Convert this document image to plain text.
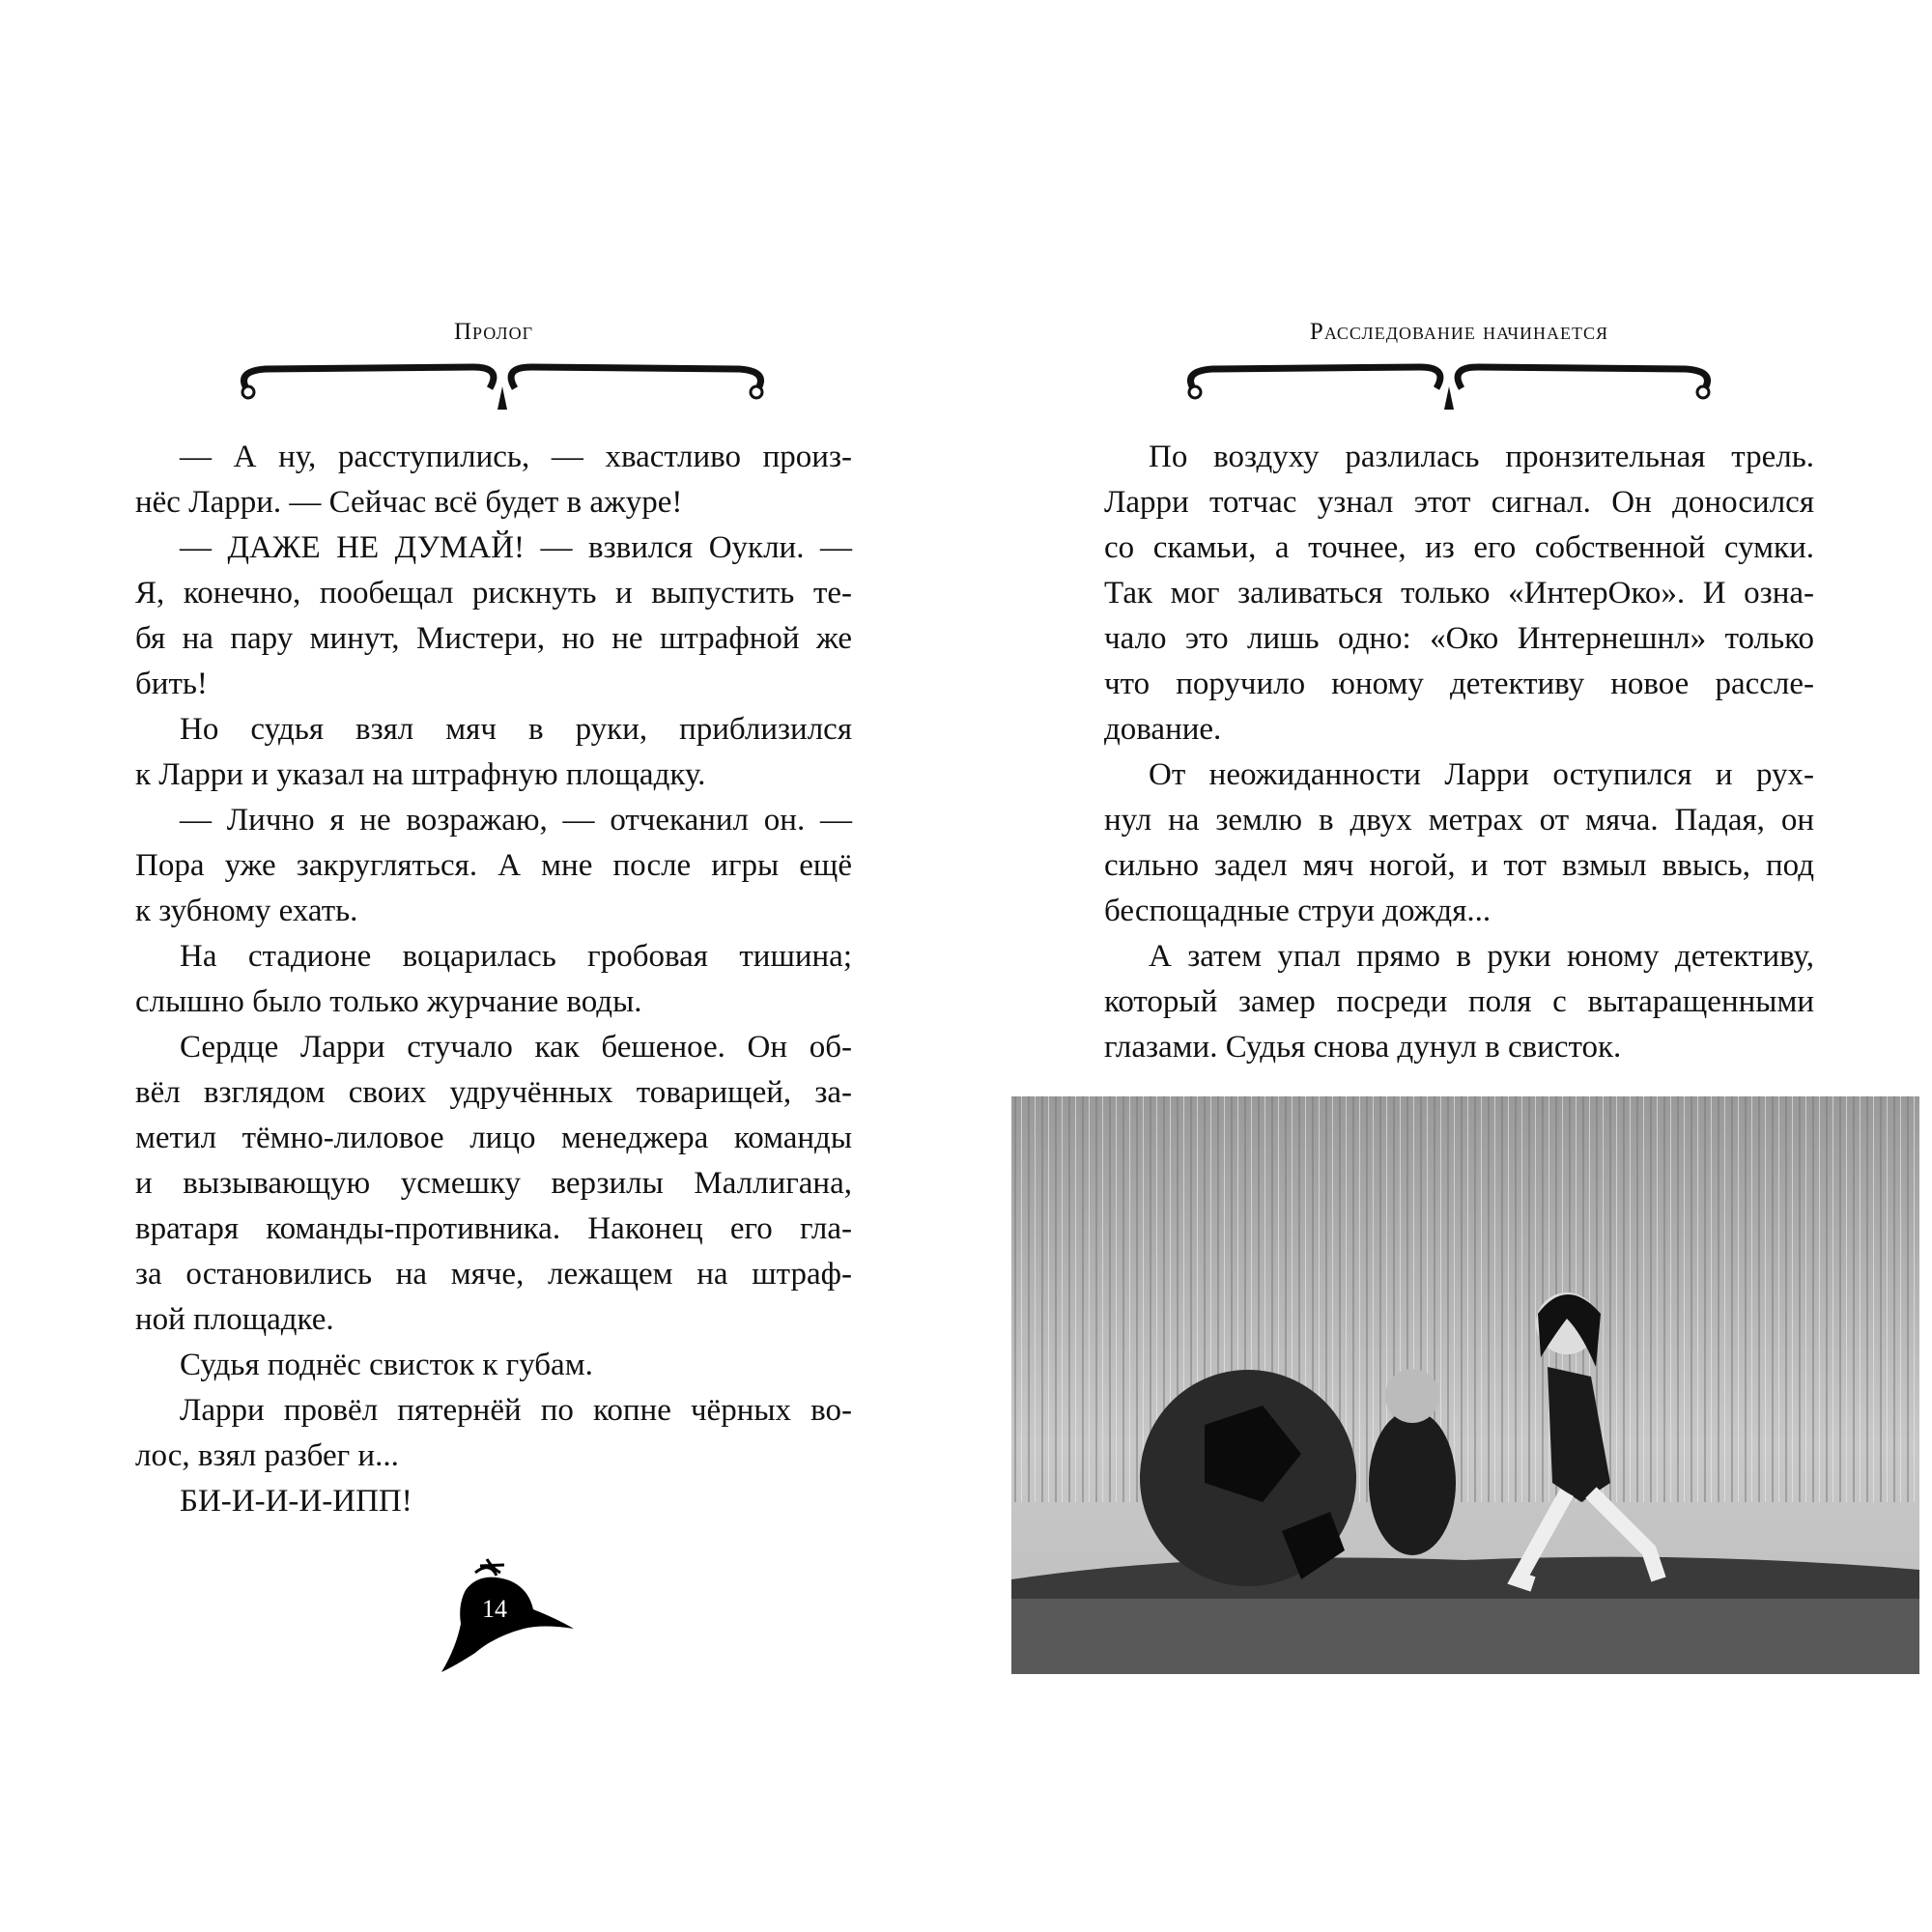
Пролог
— А ну, расступились, — хвастливо произ-
нёс Ларри. — Сейчас всё будет в ажуре!
— ДАЖЕ НЕ ДУМАЙ! — взвился Оукли. —
Я, конечно, пообещал рискнуть и выпустить те-
бя на пару минут, Мистери, но не штрафной же
бить!
Но судья взял мяч в руки, приблизился
к Ларри и указал на штрафную площадку.
— Лично я не возражаю, — отчеканил он. —
Пора уже закругляться. А мне после игры ещё
к зубному ехать.
На стадионе воцарилась гробовая тишина;
слышно было только журчание воды.
Сердце Ларри стучало как бешеное. Он об-
вёл взглядом своих удручённых товарищей, за-
метил тёмно-лиловое лицо менеджера команды
и вызывающую усмешку верзилы Маллигана,
вратаря команды-противника. Наконец его гла-
за остановились на мяче, лежащем на штраф-
ной площадке.
Судья поднёс свисток к губам.
Ларри провёл пятернёй по копне чёрных во-
лос, взял разбег и...
БИ-И-И-И-ИПП!
14
Расследование начинается
По воздуху разлилась пронзительная трель.
Ларри тотчас узнал этот сигнал. Он доносился
со скамьи, а точнее, из его собственной сумки.
Так мог заливаться только «ИнтерОко». И озна-
чало это лишь одно: «Око Интернешнл» только
что поручило юному детективу новое рассле-
дование.
От неожиданности Ларри оступился и рух-
нул на землю в двух метрах от мяча. Падая, он
сильно задел мяч ногой, и тот взмыл ввысь, под
беспощадные струи дождя...
А затем упал прямо в руки юному детективу,
который замер посреди поля с вытаращенными
глазами. Судья снова дунул в свисток.
